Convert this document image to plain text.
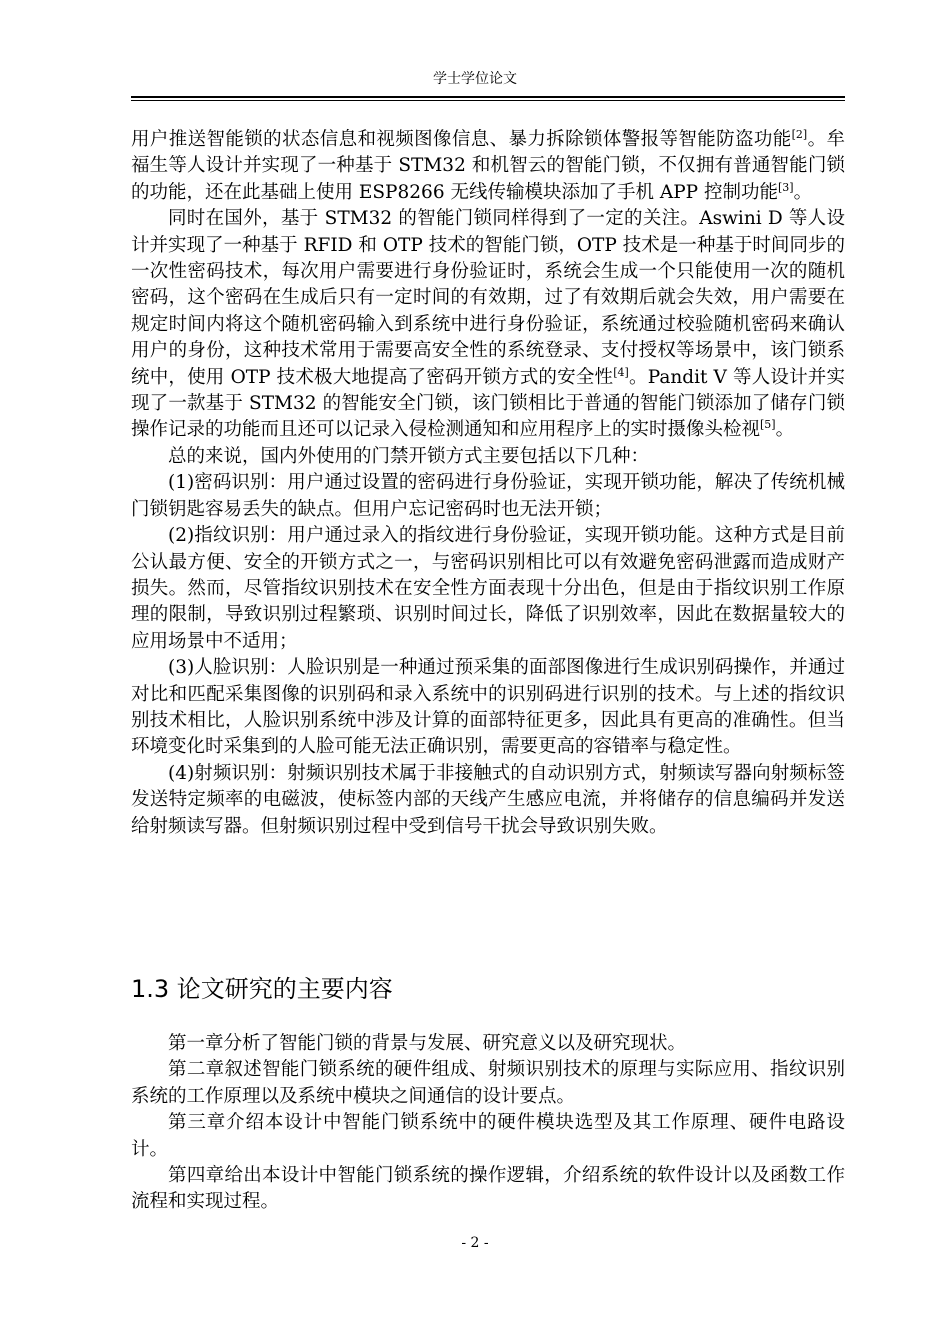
学士学位论文

用户推送智能锁的状态信息和视频图像信息、暴力拆除锁体警报等智能防盗功能[2]。牟福生等人设计并实现了一种基于 STM32 和机智云的智能门锁，不仅拥有普通智能门锁的功能，还在此基础上使用 ESP8266 无线传输模块添加了手机 APP 控制功能[3]。

同时在国外，基于 STM32 的智能门锁同样得到了一定的关注。Aswini D 等人设计并实现了一种基于 RFID 和 OTP 技术的智能门锁，OTP 技术是一种基于时间同步的一次性密码技术，每次用户需要进行身份验证时，系统会生成一个只能使用一次的随机密码，这个密码在生成后只有一定时间的有效期，过了有效期后就会失效，用户需要在规定时间内将这个随机密码输入到系统中进行身份验证，系统通过校验随机密码来确认用户的身份，这种技术常用于需要高安全性的系统登录、支付授权等场景中，该门锁系统中，使用 OTP 技术极大地提高了密码开锁方式的安全性[4]。Pandit V 等人设计并实现了一款基于 STM32 的智能安全门锁，该门锁相比于普通的智能门锁添加了储存门锁操作记录的功能而且还可以记录入侵检测通知和应用程序上的实时摄像头检视[5]。

总的来说，国内外使用的门禁开锁方式主要包括以下几种：

(1)密码识别：用户通过设置的密码进行身份验证，实现开锁功能，解决了传统机械门锁钥匙容易丢失的缺点。但用户忘记密码时也无法开锁；

(2)指纹识别：用户通过录入的指纹进行身份验证，实现开锁功能。这种方式是目前公认最方便、安全的开锁方式之一，与密码识别相比可以有效避免密码泄露而造成财产损失。然而，尽管指纹识别技术在安全性方面表现十分出色，但是由于指纹识别工作原理的限制，导致识别过程繁琐、识别时间过长，降低了识别效率，因此在数据量较大的应用场景中不适用；

(3)人脸识别：人脸识别是一种通过预采集的面部图像进行生成识别码操作，并通过对比和匹配采集图像的识别码和录入系统中的识别码进行识别的技术。与上述的指纹识别技术相比，人脸识别系统中涉及计算的面部特征更多，因此具有更高的准确性。但当环境变化时采集到的人脸可能无法正确识别，需要更高的容错率与稳定性。

(4)射频识别：射频识别技术属于非接触式的自动识别方式，射频读写器向射频标签发送特定频率的电磁波，使标签内部的天线产生感应电流，并将储存的信息编码并发送给射频读写器。但射频识别过程中受到信号干扰会导致识别失败。

1.3 论文研究的主要内容

第一章分析了智能门锁的背景与发展、研究意义以及研究现状。

第二章叙述智能门锁系统的硬件组成、射频识别技术的原理与实际应用、指纹识别系统的工作原理以及系统中模块之间通信的设计要点。

第三章介绍本设计中智能门锁系统中的硬件模块选型及其工作原理、硬件电路设计。

第四章给出本设计中智能门锁系统的操作逻辑，介绍系统的软件设计以及函数工作流程和实现过程。

- 2 -
